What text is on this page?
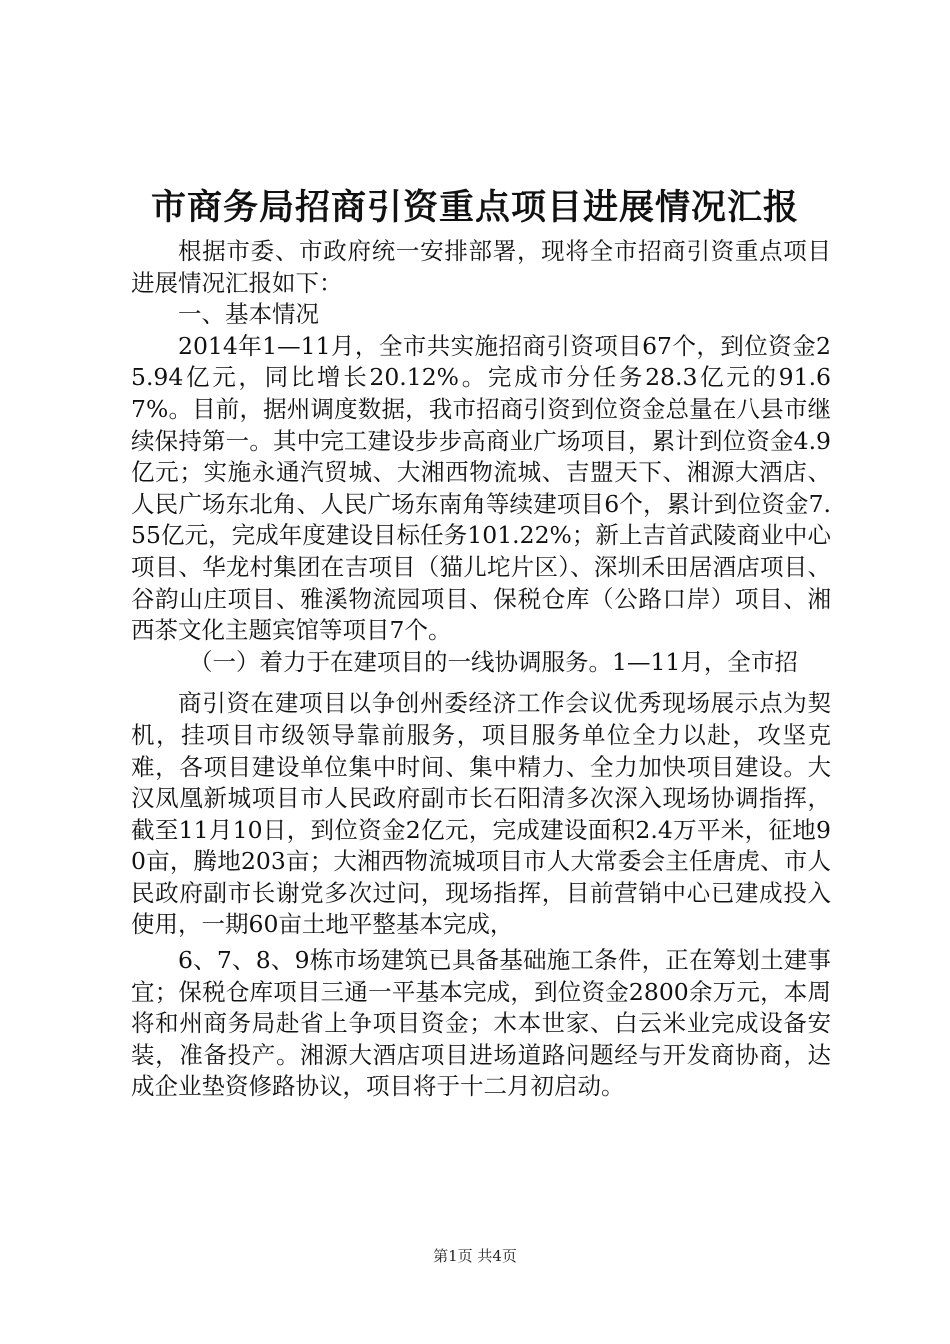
市商务局招商引资重点项目进展情况汇报

根据市委、市政府统一安排部署，现将全市招商引资重点项目进展情况汇报如下：

一、基本情况

2014年1—11月，全市共实施招商引资项目67个，到位资金25.94亿元，同比增长20.12%。完成市分任务28.3亿元的91.67%。目前，据州调度数据，我市招商引资到位资金总量在八县市继续保持第一。其中完工建设步步高商业广场项目，累计到位资金4.9亿元；实施永通汽贸城、大湘西物流城、吉盟天下、湘源大酒店、人民广场东北角、人民广场东南角等续建项目6个，累计到位资金7.55亿元，完成年度建设目标任务101.22%；新上吉首武陵商业中心项目、华龙村集团在吉项目（猫儿坨片区）、深圳禾田居酒店项目、谷韵山庄项目、雅溪物流园项目、保税仓库（公路口岸）项目、湘西茶文化主题宾馆等项目7个。

（一）着力于在建项目的一线协调服务。1—11月，全市招

商引资在建项目以争创州委经济工作会议优秀现场展示点为契机，挂项目市级领导靠前服务，项目服务单位全力以赴，攻坚克难，各项目建设单位集中时间、集中精力、全力加快项目建设。大汉凤凰新城项目市人民政府副市长石阳清多次深入现场协调指挥，截至11月10日，到位资金2亿元，完成建设面积2.4万平米，征地90亩，腾地203亩；大湘西物流城项目市人大常委会主任唐虎、市人民政府副市长谢党多次过问，现场指挥，目前营销中心已建成投入使用，一期60亩土地平整基本完成，

6、7、8、9栋市场建筑已具备基础施工条件，正在筹划土建事宜；保税仓库项目三通一平基本完成，到位资金2800余万元，本周将和州商务局赴省上争项目资金；木本世家、白云米业完成设备安装，准备投产。湘源大酒店项目进场道路问题经与开发商协商，达成企业垫资修路协议，项目将于十二月初启动。

第1页 共4页
